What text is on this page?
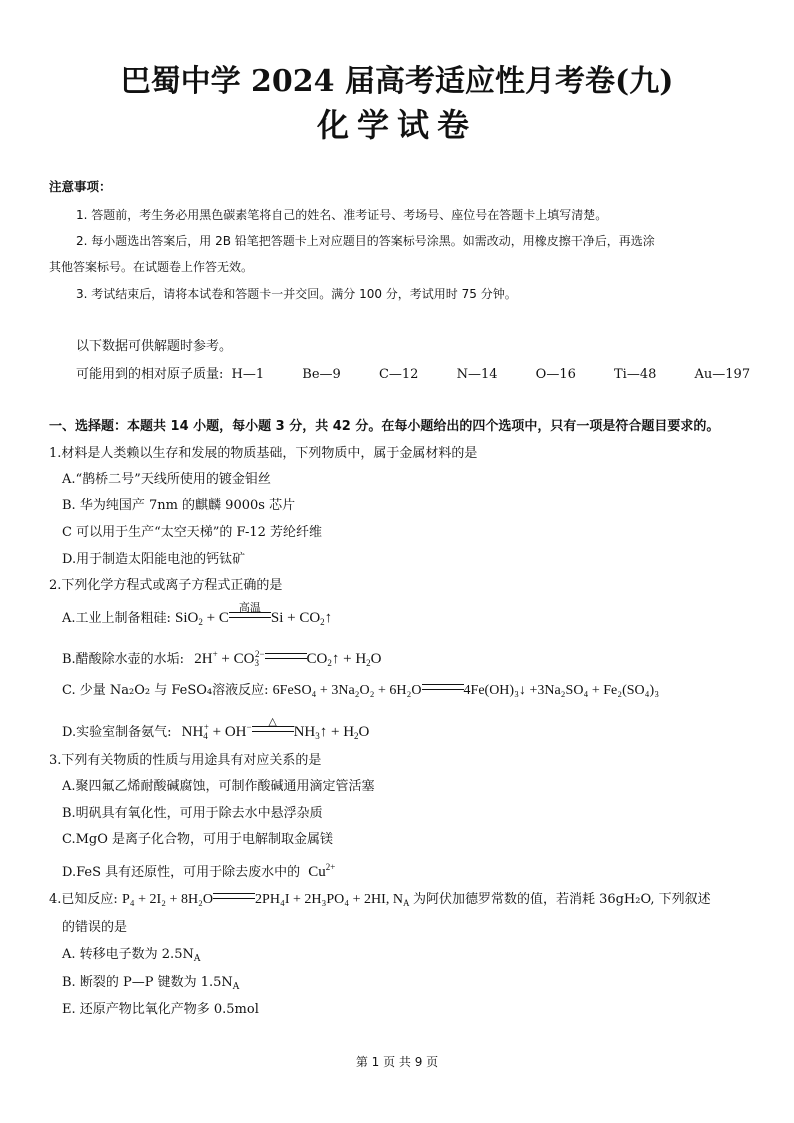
巴蜀中学 2024 届高考适应性月考卷(九)
化学试卷
注意事项：
1. 答题前，考生务必用黑色碳素笔将自己的姓名、准考证号、考场号、座位号在答题卡上填写清楚。
2. 每小题选出答案后，用 2B 铅笔把答题卡上对应题目的答案标号涂黑。如需改动，用橡皮擦干净后，再选涂
其他答案标号。在试题卷上作答无效。
3. 考试结束后，请将本试卷和答题卡一并交回。满分 100 分，考试用时 75 分钟。
以下数据可供解题时参考。
可能用到的相对原子质量: H—1	Be—9	C—12	N—14	O—16	Ti—48	Au—197
一、选择题：本题共 14 小题，每小题 3 分，共 42 分。在每小题给出的四个选项中，只有一项是符合题目要求的。
1.材料是人类赖以生存和发展的物质基础，下列物质中，属于金属材料的是
A.“鹊桥二号”天线所使用的镀金钼丝
B. 华为纯国产 7nm 的麒麟 9000s 芯片
C 可以用于生产“太空天梯”的 F-12 芳纶纤维
D.用于制造太阳能电池的钙钛矿
2.下列化学方程式或离子方程式正确的是
A.工业上制备粗硅: SiO$_2$ + C
高温
$Si + CO_2↑$
B.醋酸除水壶的水垢: $2H^+ + CO_3^{2-}$	$CO_2↑ + H_2O$
C. 少量 Na₂O₂ 与 FeSO₄溶液反应: 6FeSO₄ + 3Na₂O₂ + 6H₂O	4Fe(OH)₃↓ +3Na₂SO₄ + Fe₂(SO₄)₃
D.实验室制备氨气: $NH_4^+ + OH^-$	△
$NH_3↑ + H_2O$
3.下列有关物质的性质与用途具有对应关系的是
A.聚四氟乙烯耐酸碱腐蚀，可制作酸碱通用滴定管活塞
B.明矾具有氧化性，可用于除去水中悬浮杂质
C.MgO 是离子化合物，可用于电解制取金属镁
D.FeS 具有还原性，可用于除去废水中的 $Cu^{2+}$
4.已知反应: P₄ + 2I₂ + 8H₂O	2PH₄I + 2H₃PO₄ + 2HI, $N_A$ 为阿伏加德罗常数的值，若消耗 36gH₂O, 下列叙述
的错误的是
A. 转移电子数为 $2.5N_A$
B. 断裂的 P—P 键数为 $1.5N_A$
E. 还原产物比氧化产物多 0.5mol
第 1 页 共 9 页
